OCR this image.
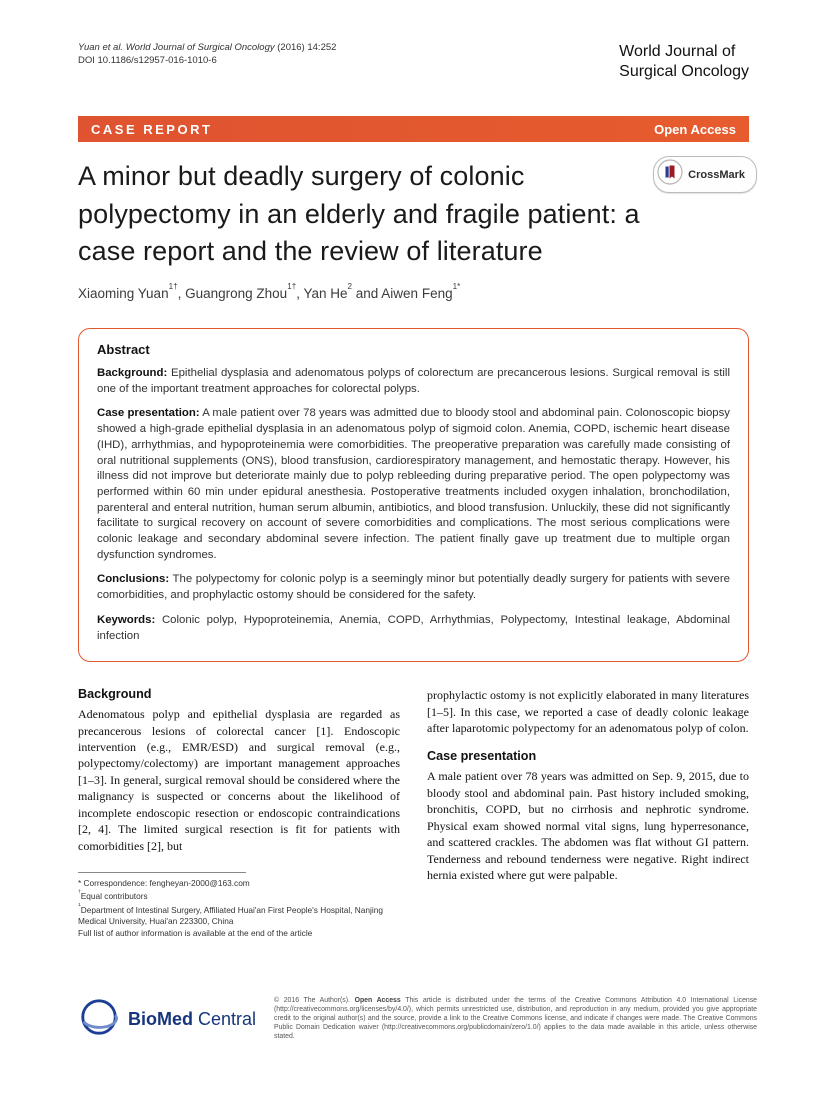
Yuan et al. World Journal of Surgical Oncology (2016) 14:252
DOI 10.1186/s12957-016-1010-6	World Journal of
Surgical Oncology
CASE REPORT	Open Access
A minor but deadly surgery of colonic polypectomy in an elderly and fragile patient: a case report and the review of literature
CrossMark
Xiaoming Yuan$^{1\dagger}$, Guangrong Zhou$^{1\dagger}$, Yan He$^2$ and Aiwen Feng$^{1*}$
Abstract

Background: Epithelial dysplasia and adenomatous polyps of colorectum are precancerous lesions. Surgical removal is still one of the important treatment approaches for colorectal polyps.

Case presentation: A male patient over 78 years was admitted due to bloody stool and abdominal pain. Colonoscopic biopsy showed a high-grade epithelial dysplasia in an adenomatous polyp of sigmoid colon. Anemia, COPD, ischemic heart disease (IHD), arrhythmias, and hypoproteinemia were comorbidities. The preoperative preparation was carefully made consisting of oral nutritional supplements (ONS), blood transfusion, cardiorespiratory management, and hemostatic therapy. However, his illness did not improve but deteriorate mainly due to polyp rebleeding during preparative period. The open polypectomy was performed within 60 min under epidural anesthesia. Postoperative treatments included oxygen inhalation, bronchodilation, parenteral and enteral nutrition, human serum albumin, antibiotics, and blood transfusion. Unluckily, these did not significantly facilitate to surgical recovery on account of severe comorbidities and complications. The most serious complications were colonic leakage and secondary abdominal severe infection. The patient finally gave up treatment due to multiple organ dysfunction syndromes.

Conclusions: The polypectomy for colonic polyp is a seemingly minor but potentially deadly surgery for patients with severe comorbidities, and prophylactic ostomy should be considered for the safety.

Keywords: Colonic polyp, Hypoproteinemia, Anemia, COPD, Arrhythmias, Polypectomy, Intestinal leakage, Abdominal infection

Background

Adenomatous polyp and epithelial dysplasia are regarded as precancerous lesions of colorectal cancer [1]. Endoscopic intervention (e.g., EMR/ESD) and surgical removal (e.g., polypectomy/colectomy) are important management approaches [1–3]. In general, surgical removal should be considered where the malignancy is suspected or concerns about the likelihood of incomplete endoscopic resection or endoscopic contraindications [2, 4]. The limited surgical resection is fit for patients with comorbidities [2], but

* Correspondence: fengheyan-2000@163.com
†Equal contributors
$^1$Department of Intestinal Surgery, Affiliated Huai'an First People's Hospital, Nanjing Medical University, Huai'an 223300, China
Full list of author information is available at the end of the article

prophylactic ostomy is not explicitly elaborated in many literatures [1–5]. In this case, we reported a case of deadly colonic leakage after laparotomic polypectomy for an adenomatous polyp of colon.

Case presentation

A male patient over 78 years was admitted on Sep. 9, 2015, due to bloody stool and abdominal pain. Past history included smoking, bronchitis, COPD, but no cirrhosis and nephrotic syndrome. Physical exam showed normal vital signs, lung hyperresonance, and scattered crackles. The abdomen was flat without GI pattern. Tenderness and rebound tenderness were negative. Right indirect hernia existed where gut were palpable.

BioMed Central
© 2016 The Author(s). Open Access This article is distributed under the terms of the Creative Commons Attribution 4.0 International License (http://creativecommons.org/licenses/by/4.0/), which permits unrestricted use, distribution, and reproduction in any medium, provided you give appropriate credit to the original author(s) and the source, provide a link to the Creative Commons license, and indicate if changes were made. The Creative Commons Public Domain Dedication waiver (http://creativecommons.org/publicdomain/zero/1.0/) applies to the data made available in this article, unless otherwise stated.
